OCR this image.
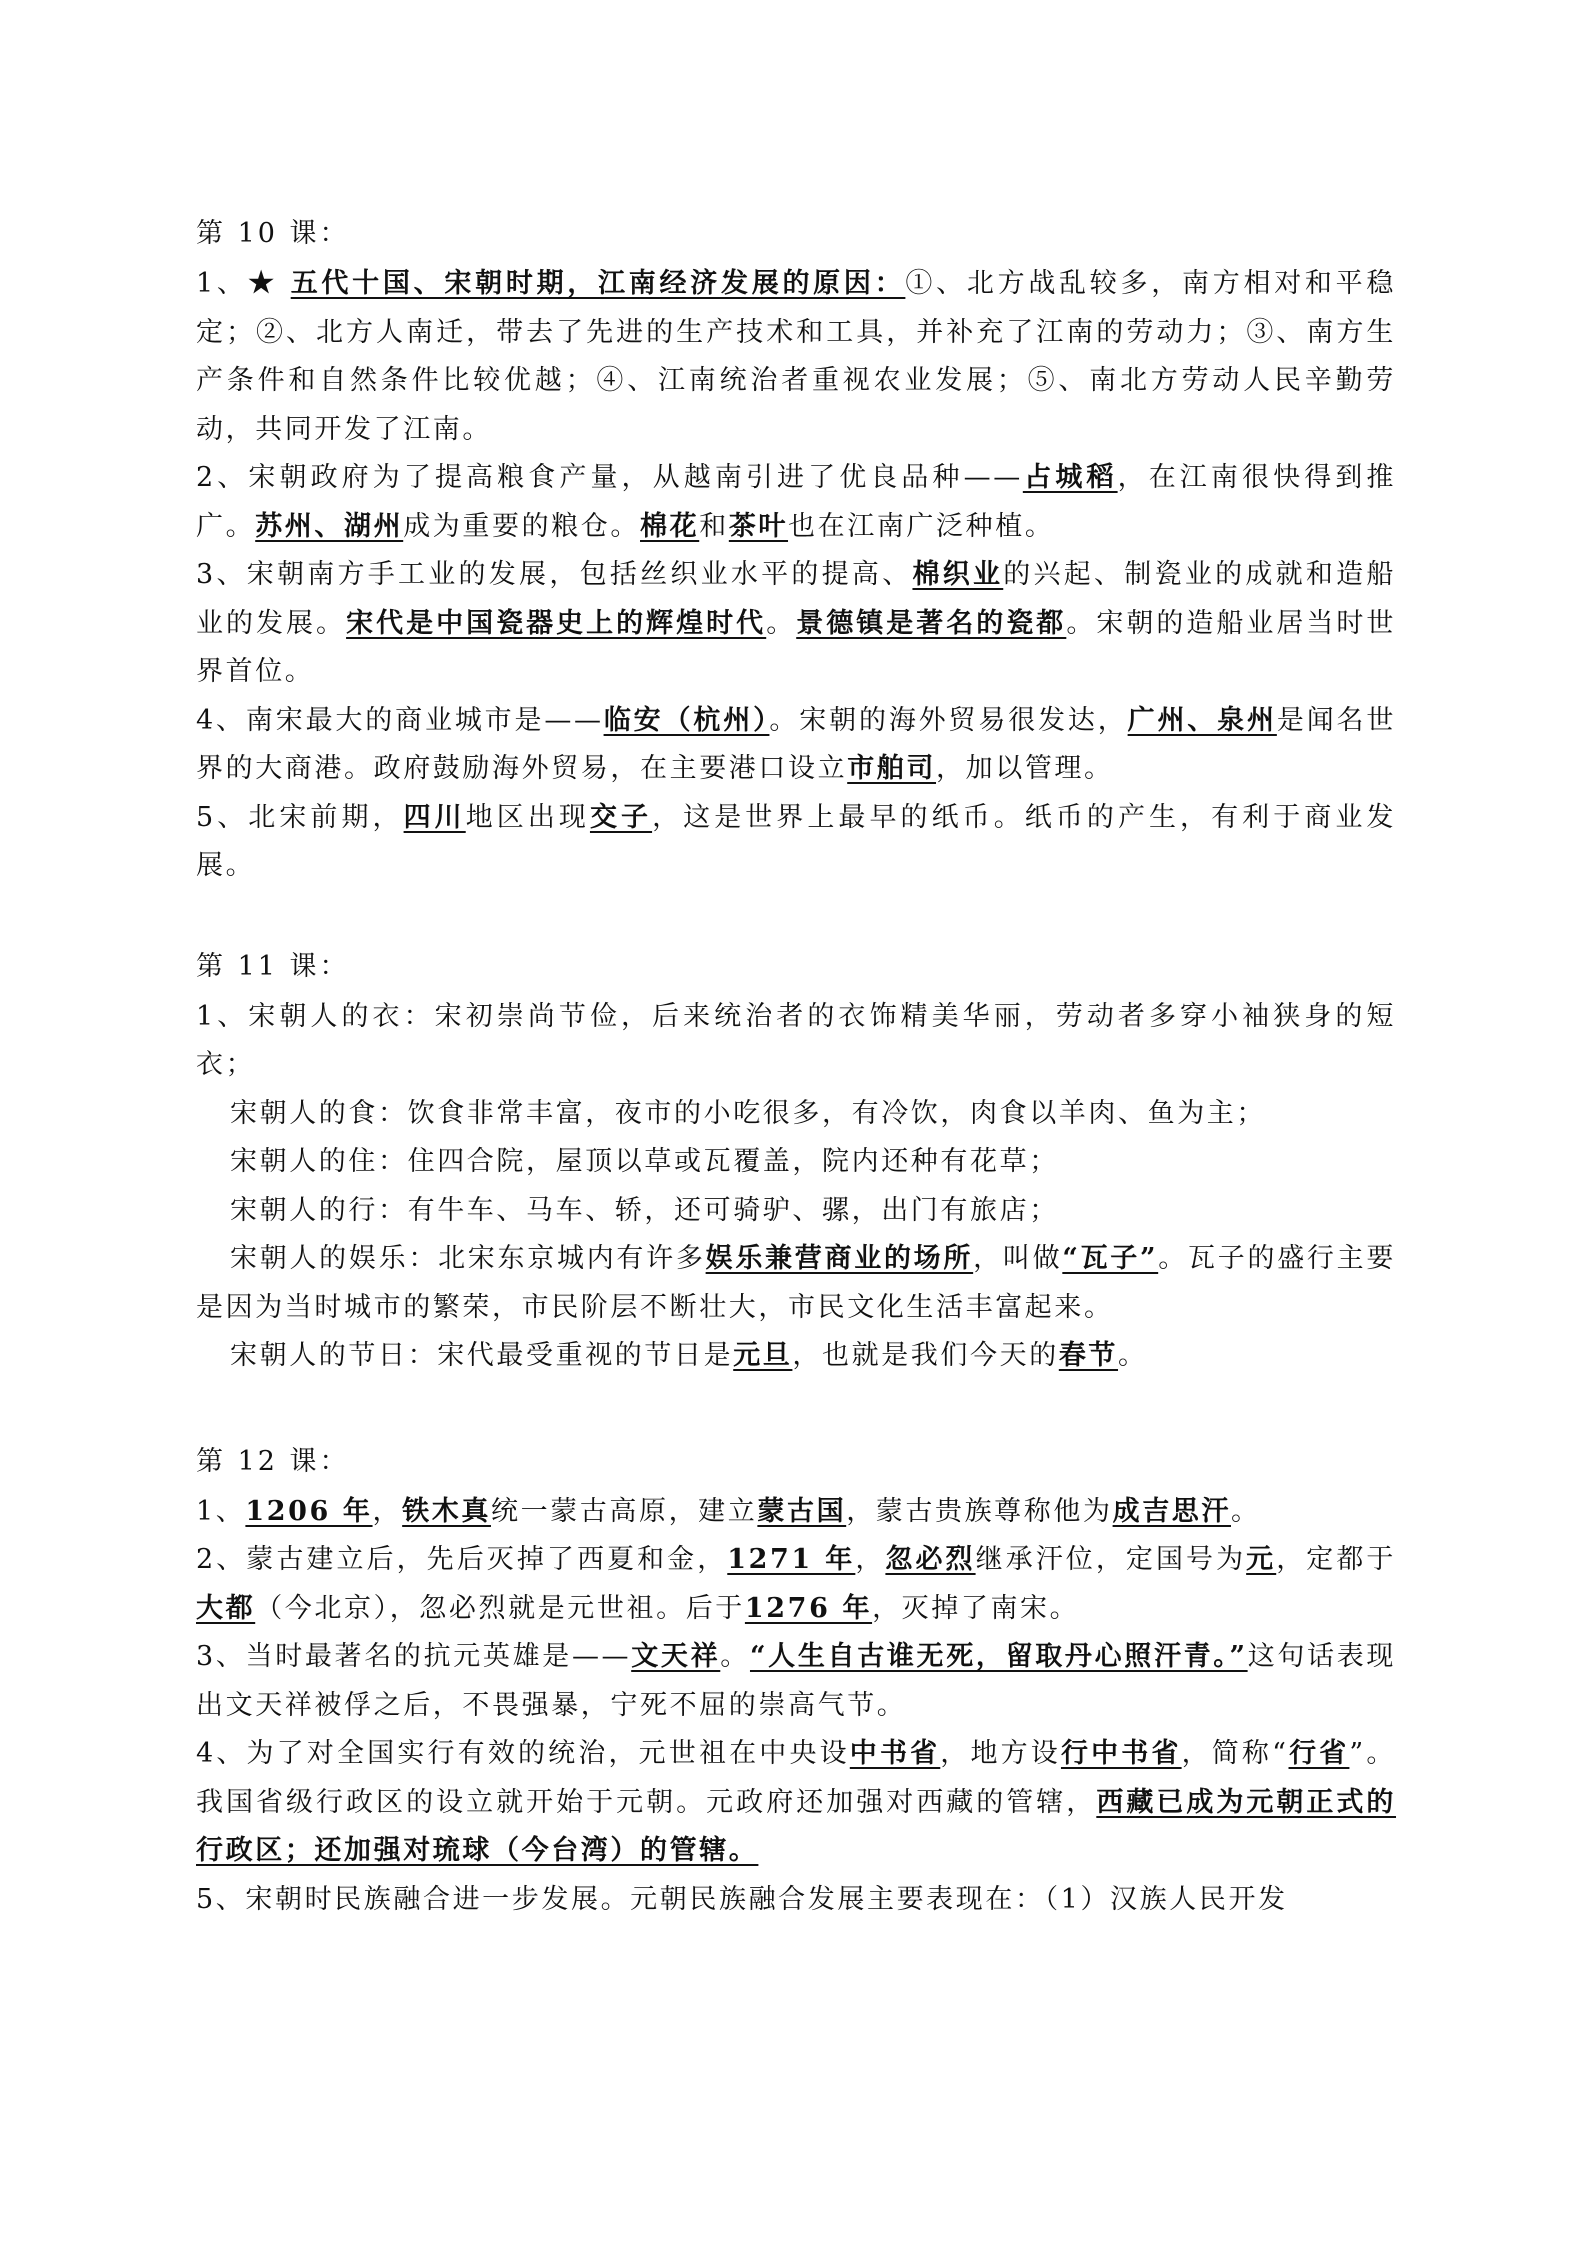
第 10 课：
1、★ 五代十国、宋朝时期，江南经济发展的原因：①、北方战乱较多，南方相对和平稳定；②、北方人南迁，带去了先进的生产技术和工具，并补充了江南的劳动力；③、南方生产条件和自然条件比较优越；④、江南统治者重视农业发展；⑤、南北方劳动人民辛勤劳动，共同开发了江南。
2、宋朝政府为了提高粮食产量，从越南引进了优良品种——占城稻，在江南很快得到推广。苏州、湖州成为重要的粮仓。棉花和茶叶也在江南广泛种植。
3、宋朝南方手工业的发展，包括丝织业水平的提高、棉织业的兴起、制瓷业的成就和造船业的发展。宋代是中国瓷器史上的辉煌时代。景德镇是著名的瓷都。宋朝的造船业居当时世界首位。
4、南宋最大的商业城市是——临安（杭州）。宋朝的海外贸易很发达，广州、泉州是闻名世界的大商港。政府鼓励海外贸易，在主要港口设立市舶司，加以管理。
5、北宋前期，四川地区出现交子，这是世界上最早的纸币。纸币的产生，有利于商业发展。
第 11 课：
1、宋朝人的衣：宋初崇尚节俭，后来统治者的衣饰精美华丽，劳动者多穿小袖狭身的短衣；
宋朝人的食：饮食非常丰富，夜市的小吃很多，有冷饮，肉食以羊肉、鱼为主；
宋朝人的住：住四合院，屋顶以草或瓦覆盖，院内还种有花草；
宋朝人的行：有牛车、马车、轿，还可骑驴、骡，出门有旅店；
宋朝人的娱乐：北宋东京城内有许多娱乐兼营商业的场所，叫做“瓦子”。瓦子的盛行主要是因为当时城市的繁荣，市民阶层不断壮大，市民文化生活丰富起来。
宋朝人的节日：宋代最受重视的节日是元旦，也就是我们今天的春节。
第 12 课：
1、1206 年，铁木真统一蒙古高原，建立蒙古国，蒙古贵族尊称他为成吉思汗。
2、蒙古建立后，先后灭掉了西夏和金，1271 年，忽必烈继承汗位，定国号为元，定都于大都（今北京），忽必烈就是元世祖。后于1276 年，灭掉了南宋。
3、当时最著名的抗元英雄是——文天祥。“人生自古谁无死，留取丹心照汗青。”这句话表现出文天祥被俘之后，不畏强暴，宁死不屈的崇高气节。
4、为了对全国实行有效的统治，元世祖在中央设中书省，地方设行中书省，简称“行省”。我国省级行政区的设立就开始于元朝。元政府还加强对西藏的管辖，西藏已成为元朝正式的行政区；还加强对琉球（今台湾）的管辖。
5、宋朝时民族融合进一步发展。元朝民族融合发展主要表现在：（1）汉族人民开发
